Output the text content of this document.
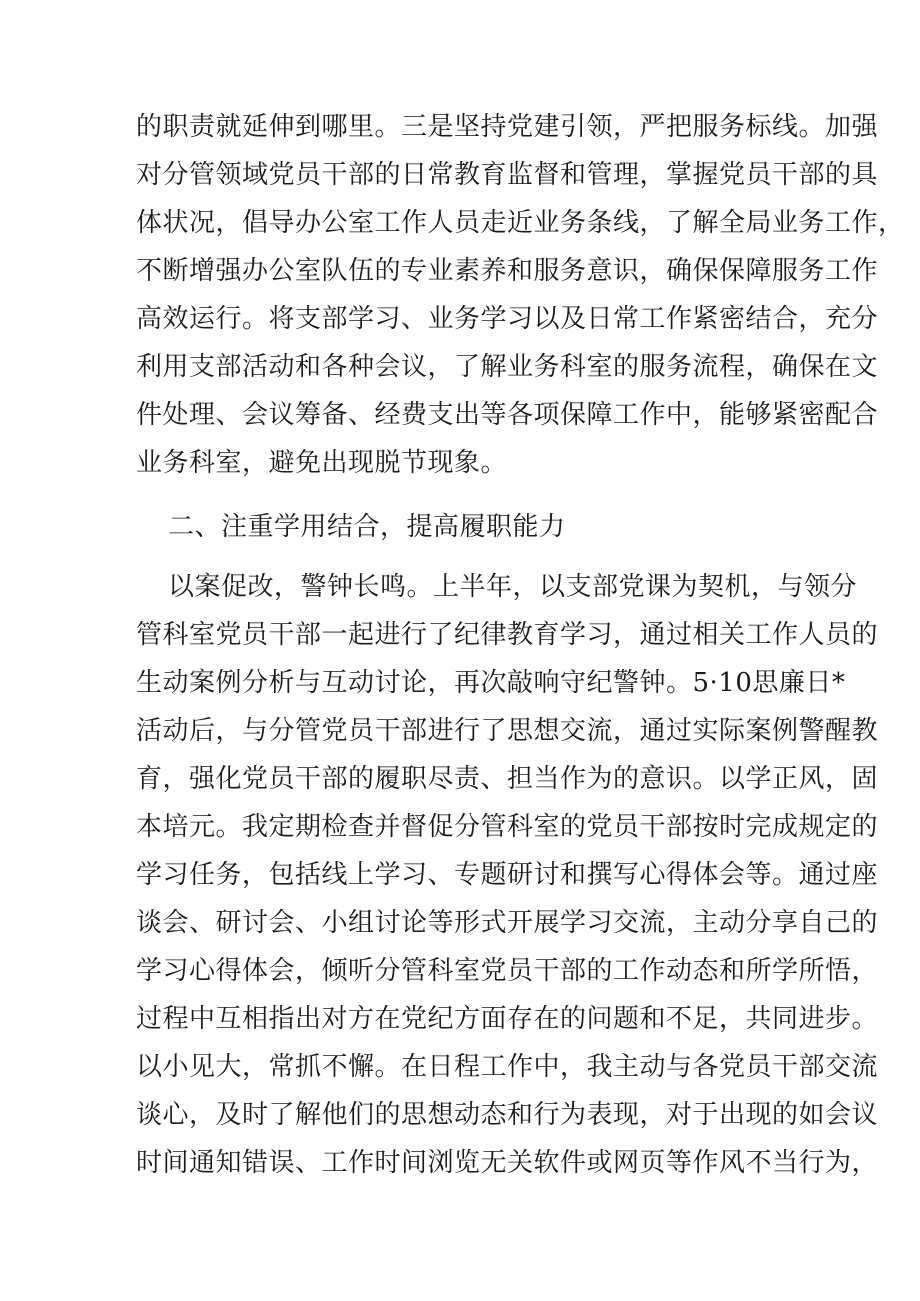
的职责就延伸到哪里。三是坚持党建引领，严把服务标线。加强
对分管领域党员干部的日常教育监督和管理，掌握党员干部的具
体状况，倡导办公室工作人员走近业务条线，了解全局业务工作，
不断增强办公室队伍的专业素养和服务意识，确保保障服务工作
高效运行。将支部学习、业务学习以及日常工作紧密结合，充分
利用支部活动和各种会议，了解业务科室的服务流程，确保在文
件处理、会议筹备、经费支出等各项保障工作中，能够紧密配合
业务科室，避免出现脱节现象。
二、注重学用结合，提高履职能力
以案促改，警钟长鸣。上半年，以支部党课为契机，与领分
管科室党员干部一起进行了纪律教育学习，通过相关工作人员的
生动案例分析与互动讨论，再次敲响守纪警钟。5·10思廉日*
活动后，与分管党员干部进行了思想交流，通过实际案例警醒教
育，强化党员干部的履职尽责、担当作为的意识。以学正风，固
本培元。我定期检查并督促分管科室的党员干部按时完成规定的
学习任务，包括线上学习、专题研讨和撰写心得体会等。通过座
谈会、研讨会、小组讨论等形式开展学习交流，主动分享自己的
学习心得体会，倾听分管科室党员干部的工作动态和所学所悟，
过程中互相指出对方在党纪方面存在的问题和不足，共同进步。
以小见大，常抓不懈。在日程工作中，我主动与各党员干部交流
谈心，及时了解他们的思想动态和行为表现，对于出现的如会议
时间通知错误、工作时间浏览无关软件或网页等作风不当行为，
